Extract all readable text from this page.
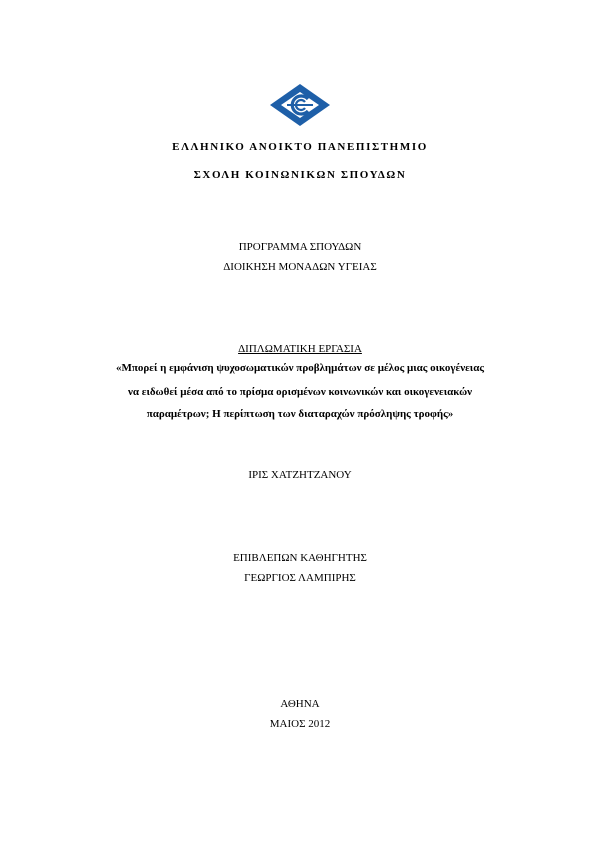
ΕΛΛΗΝΙΚΟ ΑΝΟΙΚΤΟ ΠΑΝΕΠΙΣΤΗΜΙΟ
ΣΧΟΛΗ ΚΟΙΝΩΝΙΚΩΝ ΣΠΟΥΔΩΝ
ΠΡΟΓΡΑΜΜΑ ΣΠΟΥΔΩΝ
ΔΙΟΙΚΗΣΗ ΜΟΝΑΔΩΝ ΥΓΕΙΑΣ
ΔΙΠΛΩΜΑΤΙΚΗ ΕΡΓΑΣΙΑ
«Μπορεί η εμφάνιση ψυχοσωματικών προβλημάτων σε μέλος μιας οικογένειας
να ειδωθεί μέσα από το πρίσμα ορισμένων κοινωνικών και οικογενειακών
παραμέτρων; Η περίπτωση των διαταραχών πρόσληψης τροφής»
ΙΡΙΣ ΧΑΤΖΗΤΖΑΝΟΥ
ΕΠΙΒΛΕΠΩΝ ΚΑΘΗΓΗΤΗΣ
ΓΕΩΡΓΙΟΣ ΛΑΜΠΙΡΗΣ
ΑΘΗΝΑ
ΜΑΙΟΣ 2012
